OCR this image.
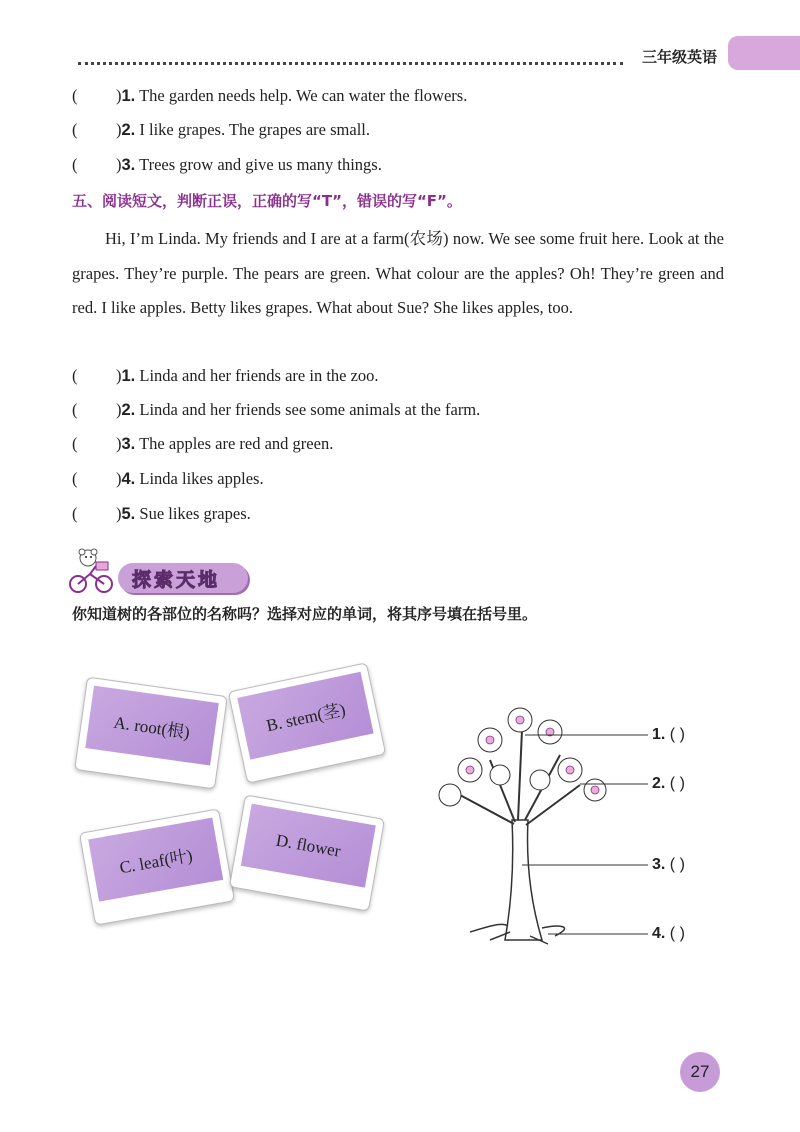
三年级英语
( )1. The garden needs help. We can water the flowers.
( )2. I like grapes. The grapes are small.
( )3. Trees grow and give us many things.
五、阅读短文，判断正误，正确的写“T”，错误的写“F”。
Hi, I’m Linda. My friends and I are at a farm(农场) now. We see some fruit here. Look at the grapes. They’re purple. The pears are green. What colour are the apples? Oh! They’re green and red. I like apples. Betty likes grapes. What about Sue? She likes apples, too.
( )1. Linda and her friends are in the zoo.
( )2. Linda and her friends see some animals at the farm.
( )3. The apples are red and green.
( )4. Linda likes apples.
( )5. Sue likes grapes.
探索天地
你知道树的各部位的名称吗？选择对应的单词，将其序号填在括号里。
A. root(根)	B. stem(茎)
C. leaf(叶)
D. flower
1. ( )
2. ( )
3. ( )
4. ( )
27
